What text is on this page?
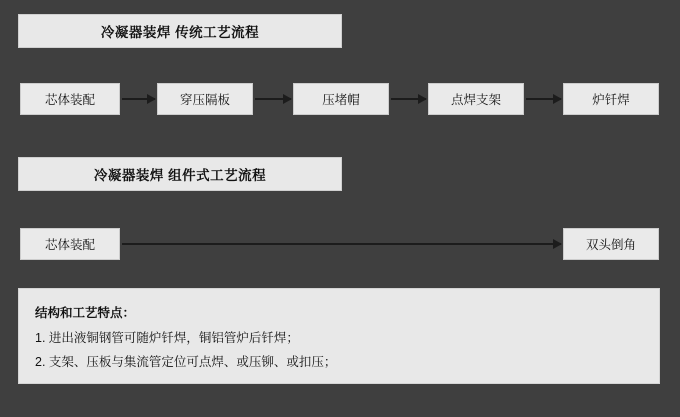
冷凝器装焊 传统工艺流程
芯体装配	穿压隔板	压堵帽	点焊支架	炉钎焊
冷凝器装焊 组件式工艺流程
芯体装配	双头倒角
结构和工艺特点：
1. 进出液铜钢管可随炉钎焊，铜铝管炉后钎焊；
2. 支架、压板与集流管定位可点焊、或压铆、或扣压；
